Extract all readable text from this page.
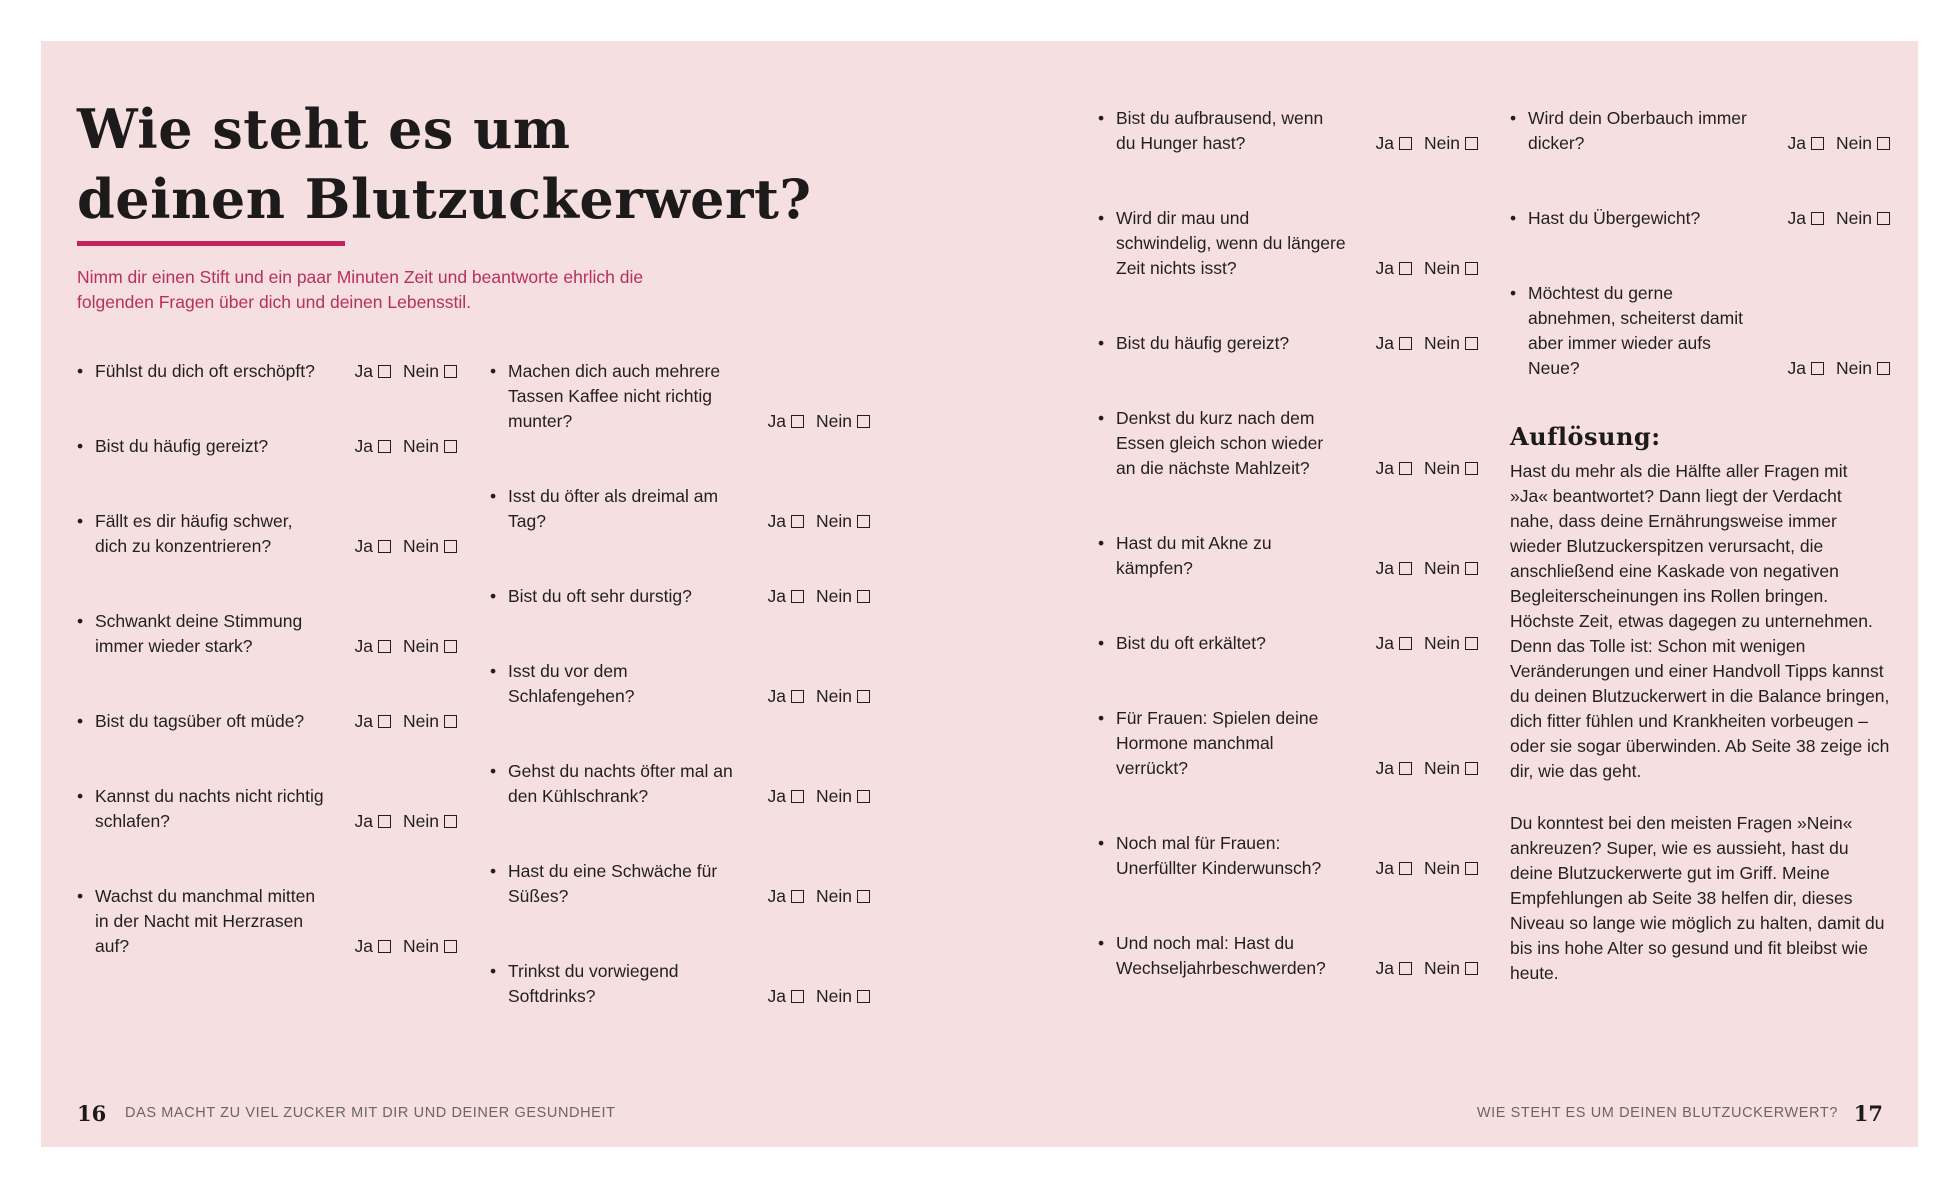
Wie steht es um
deinen Blutzuckerwert?

Nimm dir einen Stift und ein paar Minuten Zeit und beantworte ehrlich die folgenden Fragen über dich und deinen Lebensstil.

• Fühlst du dich oft erschöpft?	Ja Nein
• Bist du häufig gereizt?	Ja Nein
• Fällt es dir häufig schwer, dich zu konzentrieren?	Ja Nein
• Schwankt deine Stimmung immer wieder stark?	Ja Nein
• Bist du tagsüber oft müde?	Ja Nein
• Kannst du nachts nicht richtig schlafen?	Ja Nein
• Wachst du manchmal mitten in der Nacht mit Herzrasen auf?	Ja Nein
• Machen dich auch mehrere Tassen Kaffee nicht richtig munter?	Ja Nein
• Isst du öfter als dreimal am Tag?	Ja Nein
• Bist du oft sehr durstig?	Ja Nein
• Isst du vor dem Schlafengehen?	Ja Nein
• Gehst du nachts öfter mal an den Kühlschrank?	Ja Nein
• Hast du eine Schwäche für Süßes?	Ja Nein
• Trinkst du vorwiegend Softdrinks?	Ja Nein
• Bist du aufbrausend, wenn du Hunger hast?	Ja Nein
• Wird dir mau und schwindelig, wenn du längere Zeit nichts isst?	Ja Nein
• Bist du häufig gereizt?	Ja Nein
• Denkst du kurz nach dem Essen gleich schon wieder an die nächste Mahlzeit?	Ja Nein
• Hast du mit Akne zu kämpfen?	Ja Nein
• Bist du oft erkältet?	Ja Nein
• Für Frauen: Spielen deine Hormone manchmal verrückt?	Ja Nein
• Noch mal für Frauen: Unerfüllter Kinderwunsch?	Ja Nein
• Und noch mal: Hast du Wechseljahrbeschwerden?	Ja Nein
• Wird dein Oberbauch immer dicker?	Ja Nein
• Hast du Übergewicht?	Ja Nein
• Möchtest du gerne abnehmen, scheiterst damit aber immer wieder aufs Neue?	Ja Nein
Auflösung:

Hast du mehr als die Hälfte aller Fragen mit »Ja« beantwortet? Dann liegt der Verdacht nahe, dass deine Ernährungsweise immer wieder Blutzuckerspitzen verursacht, die anschließend eine Kaskade von negativen Begleiterscheinungen ins Rollen bringen. Höchste Zeit, etwas dagegen zu unternehmen. Denn das Tolle ist: Schon mit wenigen Veränderungen und einer Handvoll Tipps kannst du deinen Blutzuckerwert in die Balance bringen, dich fitter fühlen und Krankheiten vorbeugen – oder sie sogar überwinden. Ab Seite 38 zeige ich dir, wie das geht.

Du konntest bei den meisten Fragen »Nein« ankreuzen? Super, wie es aussieht, hast du deine Blutzuckerwerte gut im Griff. Meine Empfehlungen ab Seite 38 helfen dir, dieses Niveau so lange wie möglich zu halten, damit du bis ins hohe Alter so gesund und fit bleibst wie heute.

16 DAS MACHT ZU VIEL ZUCKER MIT DIR UND DEINER GESUNDHEIT	WIE STEHT ES UM DEINEN BLUTZUCKERWERT? 17
